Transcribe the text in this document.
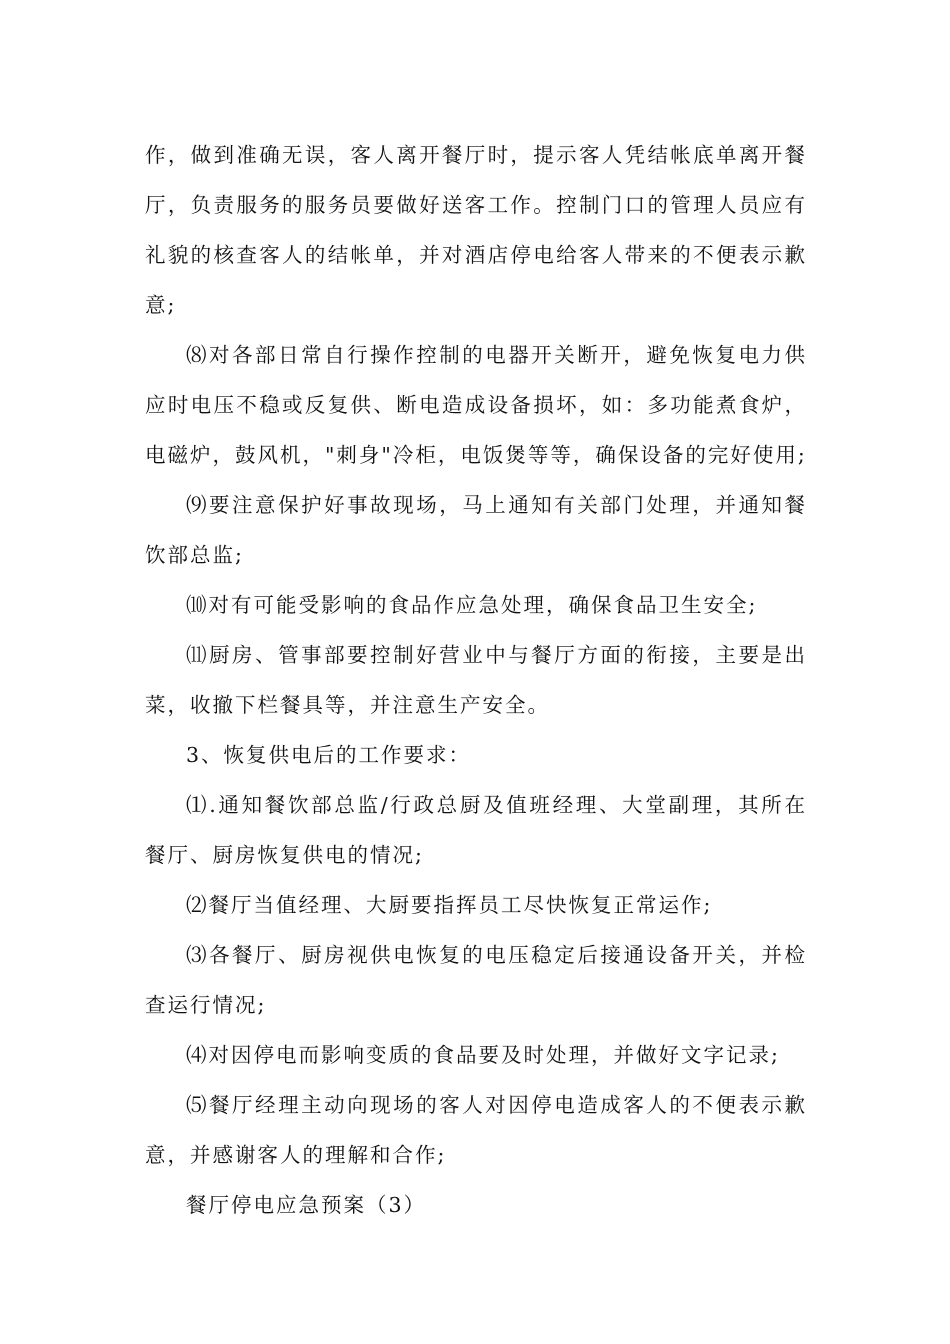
作，做到准确无误，客人离开餐厅时，提示客人凭结帐底单离开餐厅，负责服务的服务员要做好送客工作。控制门口的管理人员应有礼貌的核查客人的结帐单，并对酒店停电给客人带来的不便表示歉意;

⑻对各部日常自行操作控制的电器开关断开，避免恢复电力供应时电压不稳或反复供、断电造成设备损坏，如：多功能煮食炉，电磁炉，鼓风机，"刺身"冷柜，电饭煲等等，确保设备的完好使用;

⑼要注意保护好事故现场，马上通知有关部门处理，并通知餐饮部总监;

⑽对有可能受影响的食品作应急处理，确保食品卫生安全;

⑾厨房、管事部要控制好营业中与餐厅方面的衔接，主要是出菜，收撤下栏餐具等，并注意生产安全。

3、恢复供电后的工作要求：

⑴.通知餐饮部总监/行政总厨及值班经理、大堂副理，其所在餐厅、厨房恢复供电的情况;

⑵餐厅当值经理、大厨要指挥员工尽快恢复正常运作;

⑶各餐厅、厨房视供电恢复的电压稳定后接通设备开关，并检查运行情况;

⑷对因停电而影响变质的食品要及时处理，并做好文字记录;

⑸餐厅经理主动向现场的客人对因停电造成客人的不便表示歉意，并感谢客人的理解和合作;

餐厅停电应急预案（3）
